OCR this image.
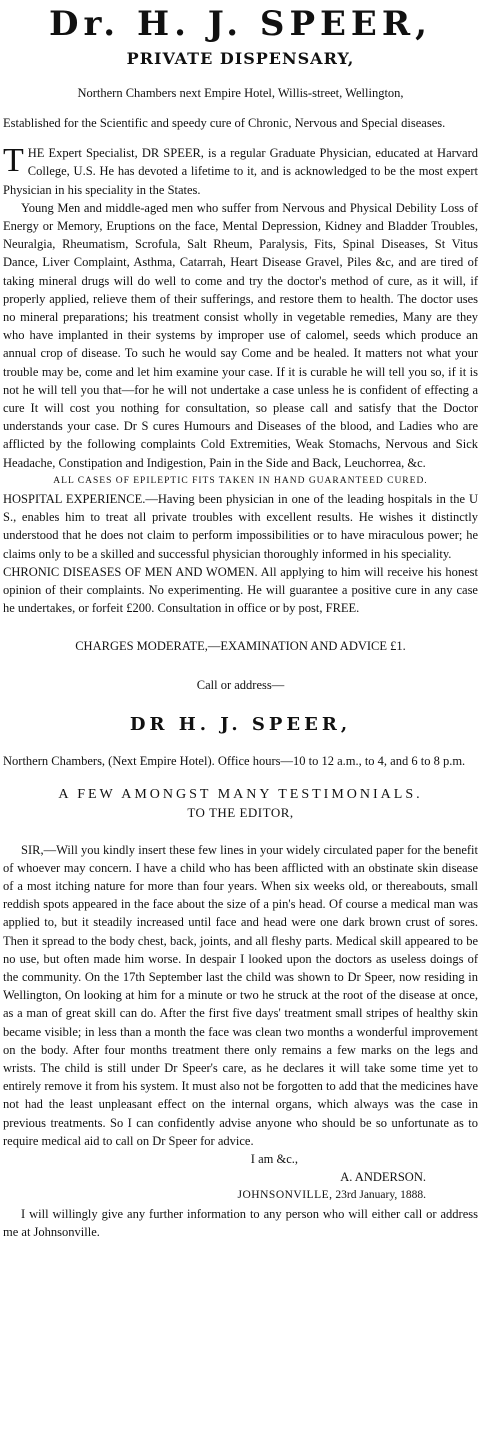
Dr. H. J. SPEER,
PRIVATE DISPENSARY,
Northern Chambers next Empire Hotel, Willis-street, Wellington,

Established for the Scientific and speedy cure of Chronic, Nervous and Special diseases.

T HE Expert Specialist, DR SPEER, is a regular Graduate Physician, educated at Harvard College, U.S. He has devoted a lifetime to it, and is acknowledged to be the most expert Physician in his speciality in the States.

Young Men and middle-aged men who suffer from Nervous and Physical Debility Loss of Energy or Memory, Eruptions on the face, Mental Depression, Kidney and Bladder Troubles, Neuralgia, Rheumatism, Scrofula, Salt Rheum, Paralysis, Fits, Spinal Diseases, St Vitus Dance, Liver Complaint, Asthma, Catarrah, Heart Disease Gravel, Piles &c, and are tired of taking mineral drugs will do well to come and try the doctor's method of cure, as it will, if properly applied, relieve them of their sufferings, and restore them to health. The doctor uses no mineral preparations; his treatment consist wholly in vegetable remedies, Many are they who have implanted in their systems by improper use of calomel, seeds which produce an annual crop of disease. To such he would say Come and be healed. It matters not what your trouble may be, come and let him examine your case. If it is curable he will tell you so, if it is not he will tell you that—for he will not undertake a case unless he is confident of effecting a cure It will cost you nothing for consultation, so please call and satisfy that the Doctor understands your case. Dr S cures Humours and Diseases of the blood, and Ladies who are afflicted by the following complaints Cold Extremities, Weak Stomachs, Nervous and Sick Headache, Constipation and Indigestion, Pain in the Side and Back, Leuchorrea, &c.

ALL CASES OF EPILEPTIC FITS TAKEN IN HAND GUARANTEED CURED.

HOSPITAL EXPERIENCE.—Having been physician in one of the leading hospitals in the U S., enables him to treat all private troubles with excellent results. He wishes it distinctly understood that he does not claim to perform impossibilities or to have miraculous power; he claims only to be a skilled and successful physician thoroughly informed in his speciality.

CHRONIC DISEASES OF MEN AND WOMEN. All applying to him will receive his honest opinion of their complaints. No experimenting. He will guarantee a positive cure in any case he undertakes, or forfeit £200. Consultation in office or by post, FREE.

CHARGES MODERATE,—EXAMINATION AND ADVICE £1.

Call or address—

DR H. J. SPEER,

Northern Chambers, (Next Empire Hotel). Office hours—10 to 12 a.m., to 4, and 6 to 8 p.m.

A FEW AMONGST MANY TESTIMONIALS.

TO THE EDITOR,

SIR,—Will you kindly insert these few lines in your widely circulated paper for the benefit of whoever may concern. I have a child who has been afflicted with an obstinate skin disease of a most itching nature for more than four years. When six weeks old, or thereabouts, small reddish spots appeared in the face about the size of a pin's head. Of course a medical man was applied to, but it steadily increased until face and head were one dark brown crust of sores. Then it spread to the body chest, back, joints, and all fleshy parts. Medical skill appeared to be no use, but often made him worse. In despair I looked upon the doctors as useless doings of the community. On the 17th September last the child was shown to Dr Speer, now residing in Wellington, On looking at him for a minute or two he struck at the root of the disease at once, as a man of great skill can do. After the first five days' treatment small stripes of healthy skin became visible; in less than a month the face was clean two months a wonderful improvement on the body. After four months treatment there only remains a few marks on the legs and wrists. The child is still under Dr Speer's care, as he declares it will take some time yet to entirely remove it from his system. It must also not be forgotten to add that the medicines have not had the least unpleasant effect on the internal organs, which always was the case in previous treatments. So I can confidently advise anyone who should be so unfortunate as to require medical aid to call on Dr Speer for advice.

I am &c.,

A. ANDERSON.

JOHNSONVILLE, 23rd January, 1888.

I will willingly give any further information to any person who will either call or address me at Johnsonville.
